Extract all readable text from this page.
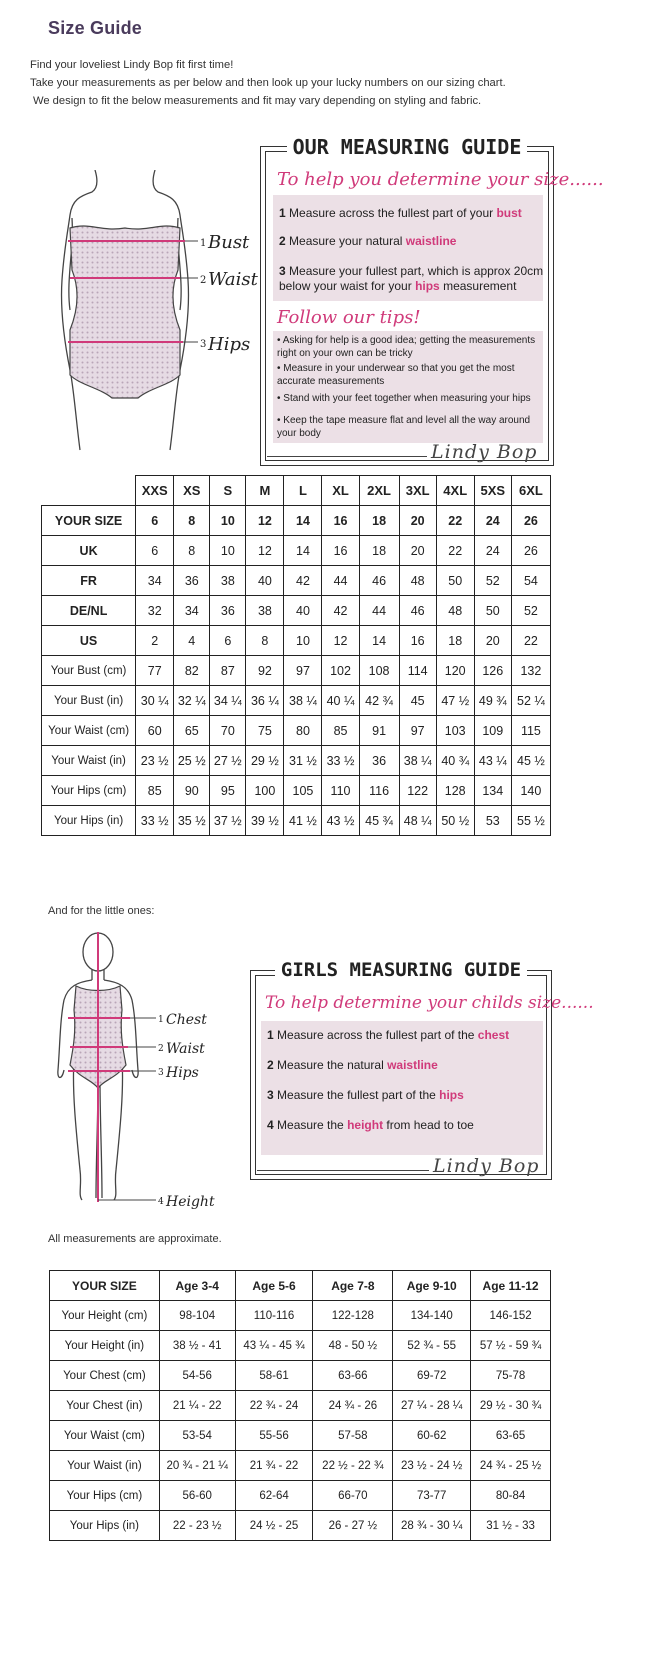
Size Guide
Find your loveliest Lindy Bop fit first time!
Take your measurements as per below and then look up your lucky numbers on our sizing chart.
We design to fit the below measurements and fit may vary depending on styling and fabric.
1 Bust
2 Waist
3 Hips
OUR MEASURING GUIDE
To help you determine your size......
1 Measure across the fullest part of your bust
2 Measure your natural waistline
3 Measure your fullest part, which is approx 20cm below your waist for your hips measurement
Follow our tips!
• Asking for help is a good idea; getting the measurements right on your own can be tricky
• Measure in your underwear so that you get the most accurate measurements
• Stand with your feet together when measuring your hips
• Keep the tape measure flat and level all the way around your body
Lindy Bop
	XXS	XS	S	M	L	XL	2XL	3XL	4XL	5XS	6XL
YOUR SIZE	6	8	10	12	14	16	18	20	22	24	26
UK	6	8	10	12	14	16	18	20	22	24	26
FR	34	36	38	40	42	44	46	48	50	52	54
DE/NL	32	34	36	38	40	42	44	46	48	50	52
US	2	4	6	8	10	12	14	16	18	20	22
Your Bust (cm)	77	82	87	92	97	102	108	114	120	126	132
Your Bust (in)	30 ¼	32 ¼	34 ¼	36 ¼	38 ¼	40 ¼	42 ¾	45	47 ½	49 ¾	52 ¼
Your Waist (cm)	60	65	70	75	80	85	91	97	103	109	115
Your Waist (in)	23 ½	25 ½	27 ½	29 ½	31 ½	33 ½	36	38 ¼	40 ¾	43 ¼	45 ½
Your Hips (cm)	85	90	95	100	105	110	116	122	128	134	140
Your Hips (in)	33 ½	35 ½	37 ½	39 ½	41 ½	43 ½	45 ¾	48 ¼	50 ½	53	55 ½
And for the little ones:
1 Chest
2 Waist
3 Hips
4 Height
GIRLS MEASURING GUIDE
To help determine your childs size......
1 Measure across the fullest part of the chest
2 Measure the natural waistline
3 Measure the fullest part of the hips
4 Measure the height from head to toe
Lindy Bop
All measurements are approximate.
YOUR SIZE	Age 3-4	Age 5-6	Age 7-8	Age 9-10	Age 11-12
Your Height (cm)	98-104	110-116	122-128	134-140	146-152
Your Height (in)	38 ½ - 41	43 ¼ - 45 ¾	48 - 50 ½	52 ¾ - 55	57 ½ - 59 ¾
Your Chest (cm)	54-56	58-61	63-66	69-72	75-78
Your Chest (in)	21 ¼ - 22	22 ¾ - 24	24 ¾ - 26	27 ¼ - 28 ¼	29 ½ - 30 ¾
Your Waist (cm)	53-54	55-56	57-58	60-62	63-65
Your Waist (in)	20 ¾ - 21 ¼	21 ¾ - 22	22 ½ - 22 ¾	23 ½ - 24 ½	24 ¾ - 25 ½
Your Hips (cm)	56-60	62-64	66-70	73-77	80-84
Your Hips (in)	22 - 23 ½	24 ½ - 25	26 - 27 ½	28 ¾ - 30 ¼	31 ½ - 33
